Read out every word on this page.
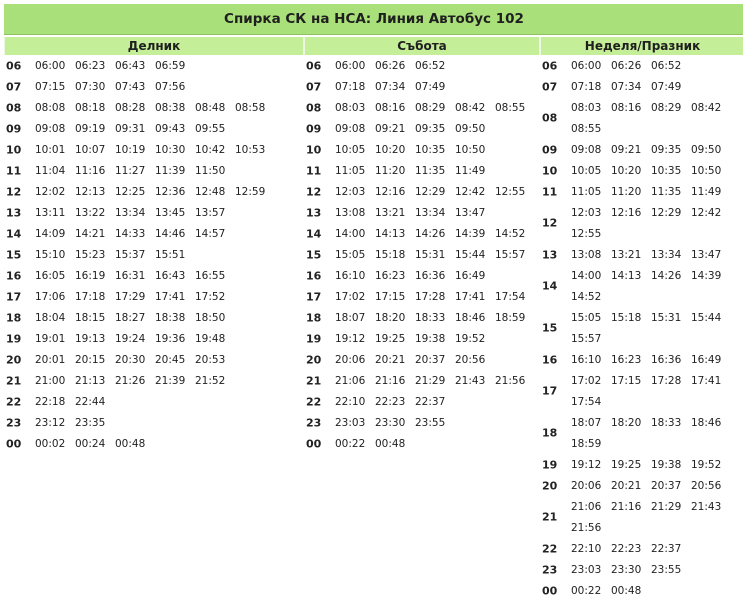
Спирка СК на НСА: Линия Автобус 102
Делник	Събота	Неделя/Празник
06 06:00 06:23 06:43 06:59
07 07:15 07:30 07:43 07:56
08 08:08 08:18 08:28 08:38 08:48 08:58
09 09:08 09:19 09:31 09:43 09:55
10 10:01 10:07 10:19 10:30 10:42 10:53
11 11:04 11:16 11:27 11:39 11:50
12 12:02 12:13 12:25 12:36 12:48 12:59
13 13:11 13:22 13:34 13:45 13:57
14 14:09 14:21 14:33 14:46 14:57
15 15:10 15:23 15:37 15:51
16 16:05 16:19 16:31 16:43 16:55
17 17:06 17:18 17:29 17:41 17:52
18 18:04 18:15 18:27 18:38 18:50
19 19:01 19:13 19:24 19:36 19:48
20 20:01 20:15 20:30 20:45 20:53
21 21:00 21:13 21:26 21:39 21:52
22 22:18 22:44
23 23:12 23:35
00 00:02 00:24 00:48
06 06:00 06:26 06:52
07 07:18 07:34 07:49
08 08:03 08:16 08:29 08:42 08:55
09 09:08 09:21 09:35 09:50
10 10:05 10:20 10:35 10:50
11 11:05 11:20 11:35 11:49
12 12:03 12:16 12:29 12:42 12:55
13 13:08 13:21 13:34 13:47
14 14:00 14:13 14:26 14:39 14:52
15 15:05 15:18 15:31 15:44 15:57
16 16:10 16:23 16:36 16:49
17 17:02 17:15 17:28 17:41 17:54
18 18:07 18:20 18:33 18:46 18:59
19 19:12 19:25 19:38 19:52
20 20:06 20:21 20:37 20:56
21 21:06 21:16 21:29 21:43 21:56
22 22:10 22:23 22:37
23 23:03 23:30 23:55
00 00:22 00:48
06 06:00 06:26 06:52
07 07:18 07:34 07:49
08
08:03 08:16 08:29 08:42
08:55
09 09:08 09:21 09:35 09:50
10 10:05 10:20 10:35 10:50
11 11:05 11:20 11:35 11:49
12
12:03 12:16 12:29 12:42
12:55
13 13:08 13:21 13:34 13:47
14
14:00 14:13 14:26 14:39
14:52
15
15:05 15:18 15:31 15:44
15:57
16 16:10 16:23 16:36 16:49
17
17:02 17:15 17:28 17:41
17:54
18
18:07 18:20 18:33 18:46
18:59
19 19:12 19:25 19:38 19:52
20 20:06 20:21 20:37 20:56
21
21:06 21:16 21:29 21:43
21:56
22 22:10 22:23 22:37
23 23:03 23:30 23:55
00 00:22 00:48
